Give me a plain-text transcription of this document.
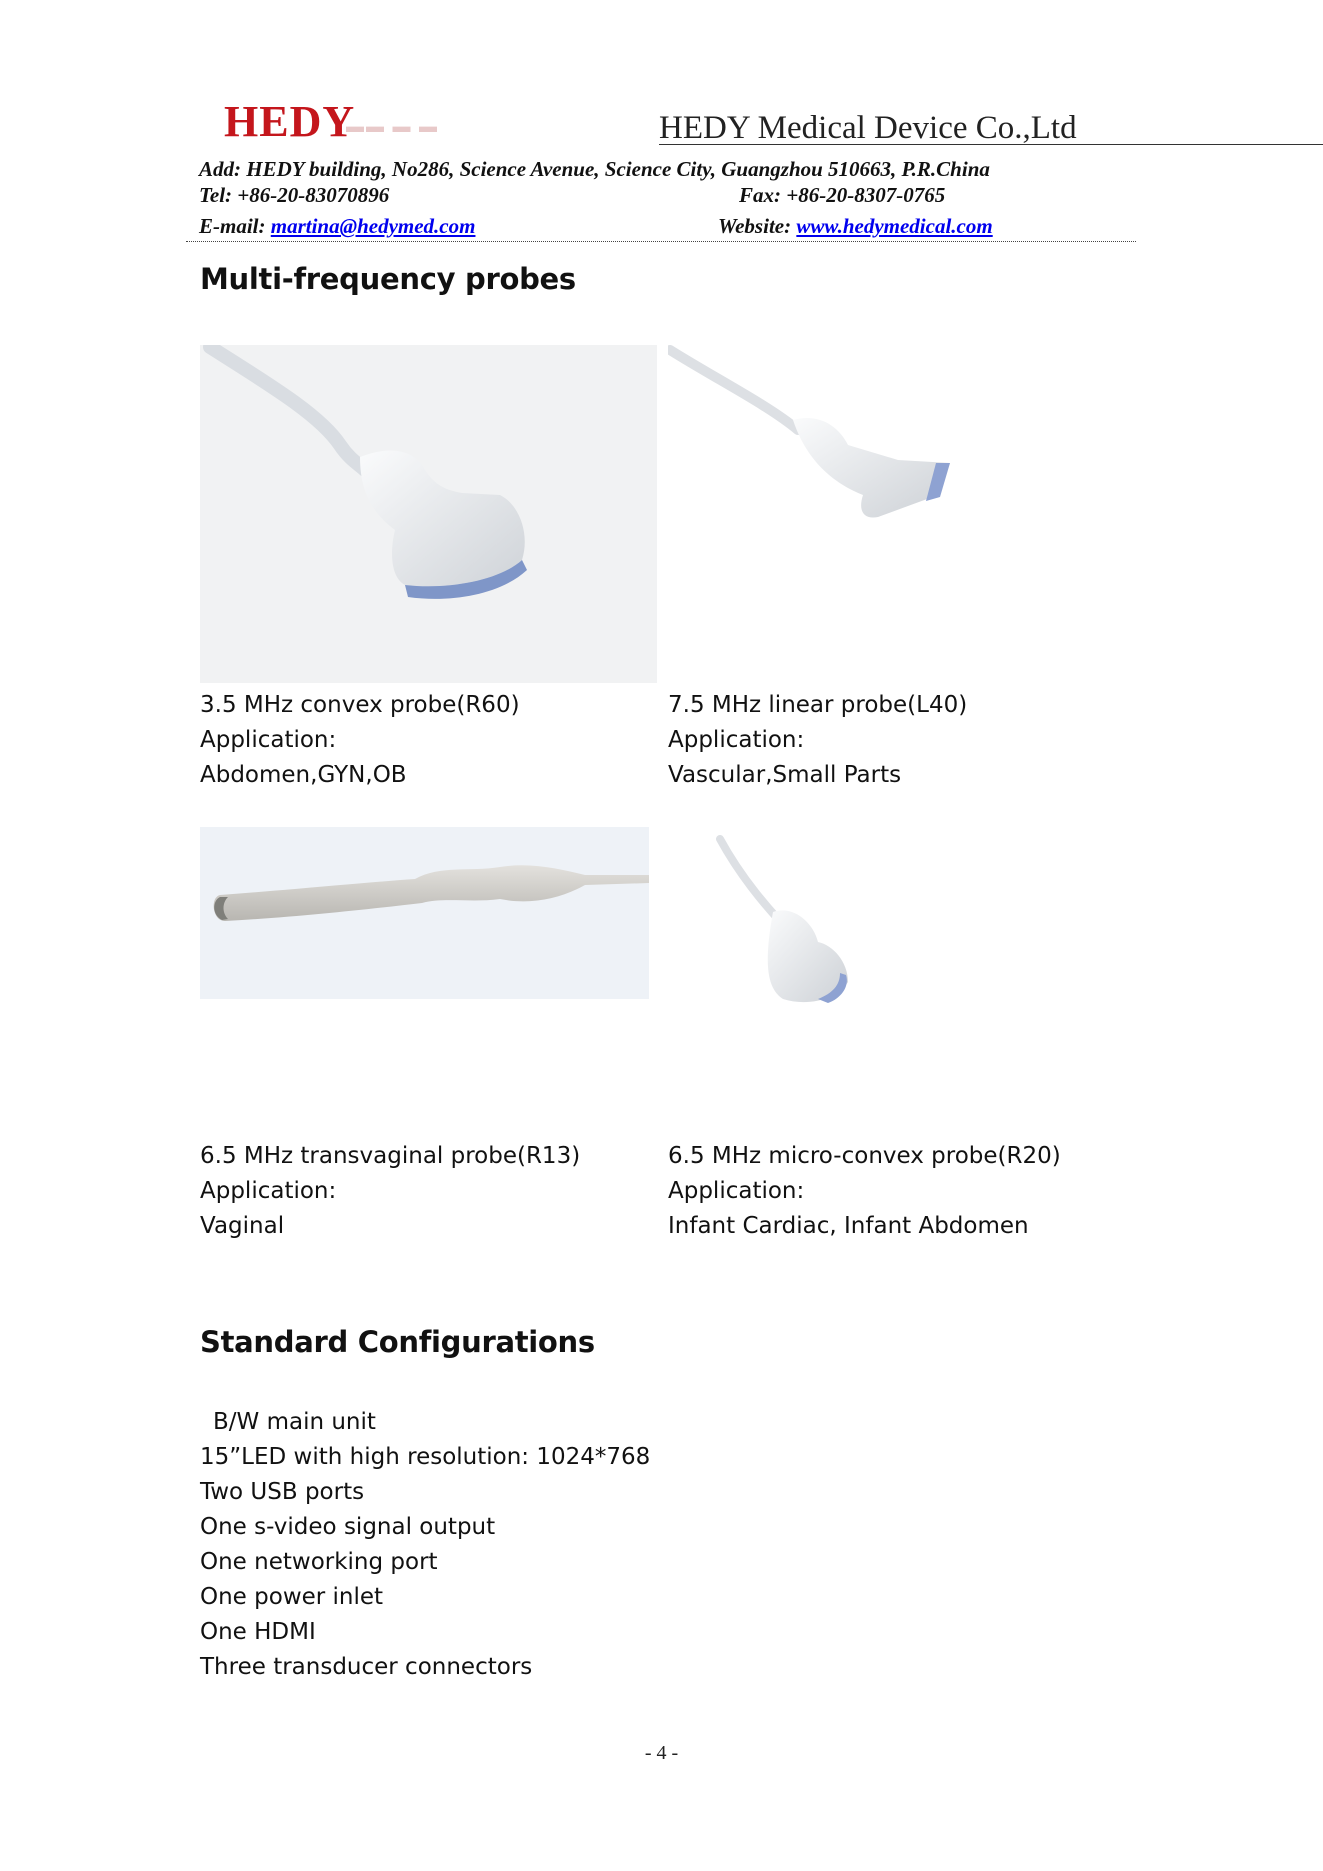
HEDY
▬▬ ▬ ▬	HEDY Medical Device Co.,Ltd
Add: HEDY building, No286, Science Avenue, Science City, Guangzhou 510663, P.R.China
Tel: +86-20-83070896	Fax: +86-20-8307-0765
E-mail: martina@hedymed.com	Website: www.hedymedical.com
Multi-frequency probes
3.5 MHz convex probe(R60)
Application:
Abdomen,GYN,OB
7.5 MHz linear probe(L40)
Application:
Vascular,Small Parts
6.5 MHz transvaginal probe(R13)
Application:
Vaginal
6.5 MHz micro-convex probe(R20)
Application:
Infant Cardiac, Infant Abdomen
Standard Configurations
B/W main unit
15”LED with high resolution: 1024*768
Two USB ports
One s-video signal output
One networking port
One power inlet
One HDMI
Three transducer connectors
- 4 -
